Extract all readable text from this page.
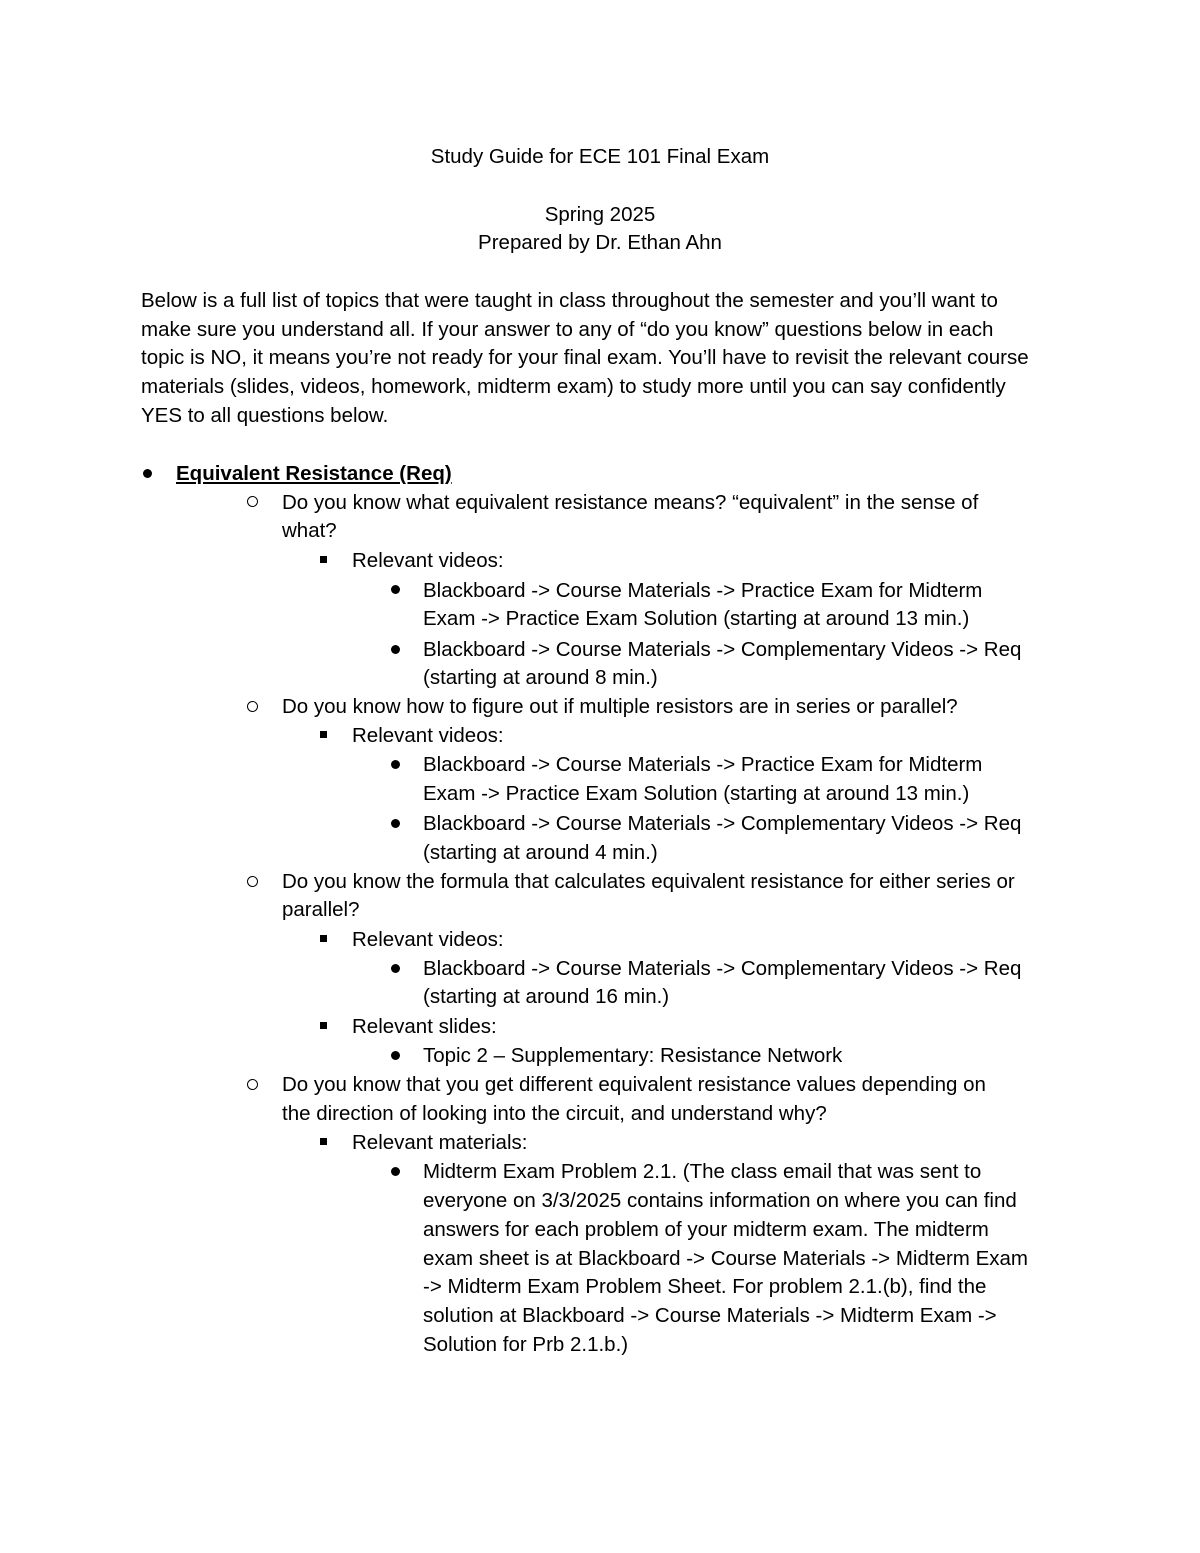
Study Guide for ECE 101 Final Exam
Spring 2025
Prepared by Dr. Ethan Ahn
Below is a full list of topics that were taught in class throughout the semester and you’ll want to
make sure you understand all. If your answer to any of “do you know” questions below in each
topic is NO, it means you’re not ready for your final exam. You’ll have to revisit the relevant course
materials (slides, videos, homework, midterm exam) to study more until you can say confidently
YES to all questions below.
Equivalent Resistance (Req)
Do you know what equivalent resistance means? “equivalent” in the sense of
what?
Relevant videos:
Blackboard -> Course Materials -> Practice Exam for Midterm
Exam -> Practice Exam Solution (starting at around 13 min.)
Blackboard -> Course Materials -> Complementary Videos -> Req
(starting at around 8 min.)
Do you know how to figure out if multiple resistors are in series or parallel?
Relevant videos:
Blackboard -> Course Materials -> Practice Exam for Midterm
Exam -> Practice Exam Solution (starting at around 13 min.)
Blackboard -> Course Materials -> Complementary Videos -> Req
(starting at around 4 min.)
Do you know the formula that calculates equivalent resistance for either series or
parallel?
Relevant videos:
Blackboard -> Course Materials -> Complementary Videos -> Req
(starting at around 16 min.)
Relevant slides:
Topic 2 – Supplementary: Resistance Network
Do you know that you get different equivalent resistance values depending on
the direction of looking into the circuit, and understand why?
Relevant materials:
Midterm Exam Problem 2.1. (The class email that was sent to
everyone on 3/3/2025 contains information on where you can find
answers for each problem of your midterm exam. The midterm
exam sheet is at Blackboard -> Course Materials -> Midterm Exam
-> Midterm Exam Problem Sheet. For problem 2.1.(b), find the
solution at Blackboard -> Course Materials -> Midterm Exam ->
Solution for Prb 2.1.b.)
